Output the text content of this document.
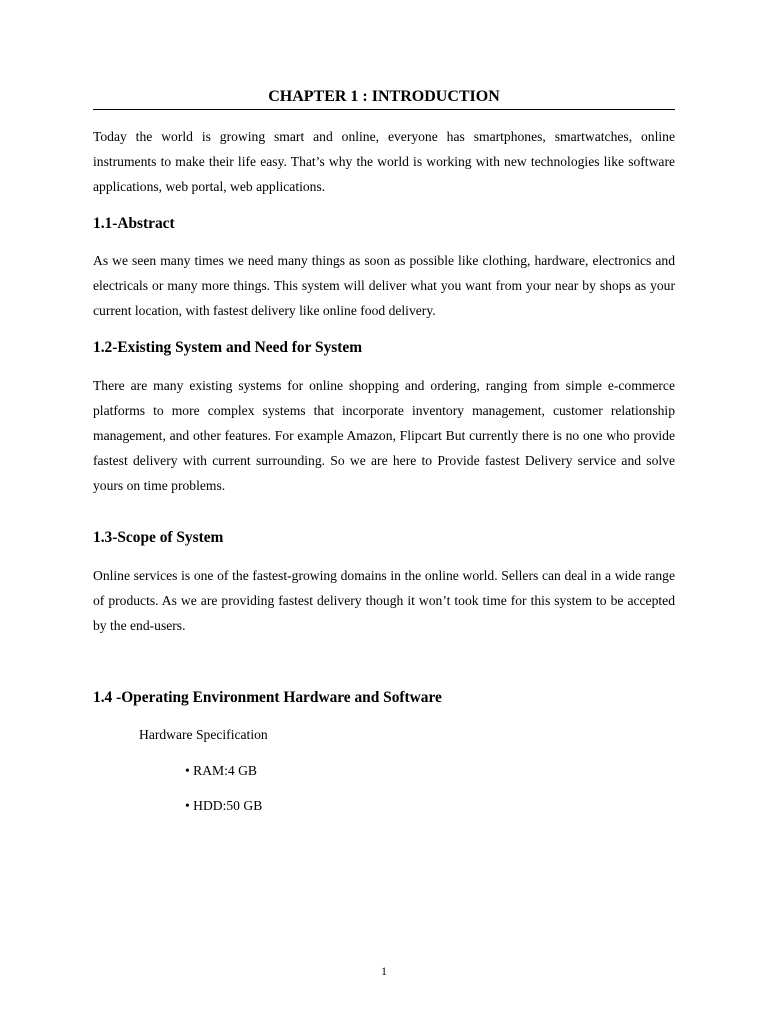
CHAPTER 1 : INTRODUCTION

Today the world is growing smart and online, everyone has smartphones, smartwatches, online instruments to make their life easy. That’s why the world is working with new technologies like software applications, web portal, web applications.

1.1-Abstract

As we seen many times we need many things as soon as possible like clothing, hardware, electronics and electricals or many more things. This system will deliver what you want from your near by shops as your current location, with fastest delivery like online food delivery.

1.2-Existing System and Need for System

There are many existing systems for online shopping and ordering, ranging from simple e-commerce platforms to more complex systems that incorporate inventory management, customer relationship management, and other features. For example Amazon, Flipcart But currently there is no one who provide fastest delivery with current surrounding. So we are here to Provide fastest Delivery service and solve yours on time problems.

1.3-Scope of System

Online services is one of the fastest-growing domains in the online world. Sellers can deal in a wide range of products. As we are providing fastest delivery though it won’t took time for this system to be accepted by the end-users.

1.4 -Operating Environment Hardware and Software
Hardware Specification
• RAM:4 GB
• HDD:50 GB
1
